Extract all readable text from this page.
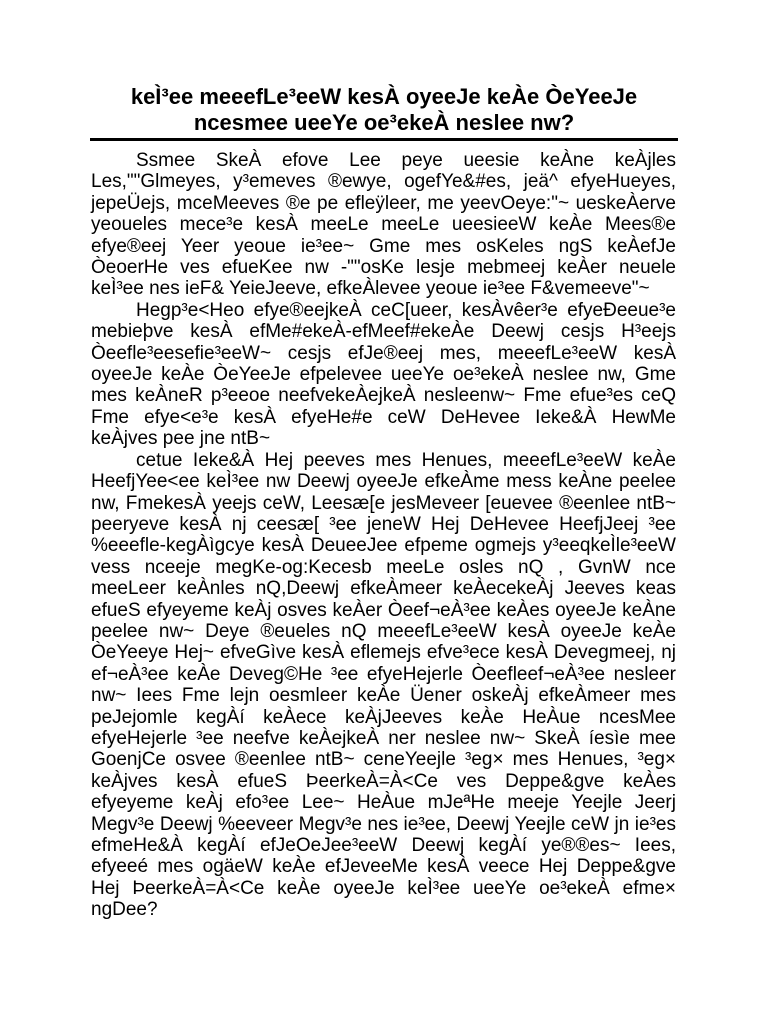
keÌ³ee meeefLe³eeW kesÀ oyeeJe keÀe ÒeYeeJe
ncesmee ueeYe oe³ekeÀ neslee nw?

Ssmee SkeÀ efove Lee peye ueesie keÀne keÀjles Les,""Glmeyes, y³emeves ®ewye, ogefYe&#es, jeä^ efyeHueyes, jepeÜejs, mceMeeves ®e pe efleÿleer, me yeevOeye:"~ ueskeÀerve yeoueles mece³e kesÀ meeLe meeLe ueesieeW keÀe Mees®e efye®eej Yeer yeoue ie³ee~ Gme mes osKeles ngS keÀefJe ÒeoerHe ves efueKee nw -""osKe lesje mebmeej keÀer neuele keÌ³ee nes ieF& YeieJeeve, efkeÀlevee yeoue ie³ee F&vemeeve"~

Hegp³e<Heo efye®eejkeÀ ceC[ueer, kesÀvêer³e efyeÐeeue³e mebieþve kesÀ efMe#ekeÀ-efMeef#ekeÀe Deewj cesjs H³eejs Òeefle³eesefie³eeW~ cesjs efJe®eej mes, meeefLe³eeW kesÀ oyeeJe keÀe ÒeYeeJe efpelevee ueeYe oe³ekeÀ neslee nw, Gme mes keÀneR p³eeoe neefvekeÀejkeÀ nesleenw~ Fme efue³es ceQ Fme efye<e³e kesÀ efyeHe#e ceW DeHevee Ieke&À HewMe keÀjves pee jne ntB~

cetue Ieke&À Hej peeves mes Henues, meeefLe³eeW keÀe HeefjYee<ee keÌ³ee nw Deewj oyeeJe efkeÀme mess keÀne peelee nw, FmekesÀ yeejs ceW, Leesæ[e jesMeveer [euevee ®eenlee ntB~ peeryeve kesÀ nj ceesæ[ ³ee jeneW Hej DeHevee HeefjJeej ³ee %eeefle-kegÀìgcye kesÀ DeueeJee efpeme ogmejs y³eeqkeÌle³eeW vess nceeje megKe-og:Kecesb meeLe osles nQ , GvnW nce meeLeer keÀnles nQ,Deewj efkeÀmeer keÀecekeÀj Jeeves keas efueS efyeyeme keÀj osves keÀer Òeef¬eÀ³ee keÀes oyeeJe keÀne peelee nw~ Deye ®eueles nQ meeefLe³eeW kesÀ oyeeJe keÀe ÒeYeeye Hej~ efveGìve kesÀ eflemejs efve³ece kesÀ Devegmeej, nj ef¬eÀ³ee keÀe Deveg©He ³ee efyeHejerle Òeefleef¬eÀ³ee nesleer nw~ Iees Fme lejn oesmleer keÀe Üener oskeÀj efkeÀmeer mes peJejomle kegÀí keÀece keÀjJeeves keÀe HeÀue ncesMee efyeHejerle ³ee neefve keÀejkeÀ ner neslee nw~ SkeÀ íesìe mee GoenjCe osvee ®eenlee ntB~ ceneYeejle ³eg× mes Henues, ³eg× keÀjves kesÀ efueS ÞeerkeÀ=À<Ce ves Deppe&gve keÀes efyeyeme keÀj efo³ee Lee~ HeÀue mJeªHe meeje Yeejle Jeerj Megv³e Deewj %eeveer Megv³e nes ie³ee, Deewj Yeejle ceW jn ie³es efmeHe&À kegÀí efJeOeJee³eeW Deewj kegÀí ye®®es~ Iees, efyeeé mes ogäeW keÀe efJeveeMe kesÀ veece Hej Deppe&gve Hej ÞeerkeÀ=À<Ce keÀe oyeeJe keÌ³ee ueeYe oe³ekeÀ efme× ngDee?
